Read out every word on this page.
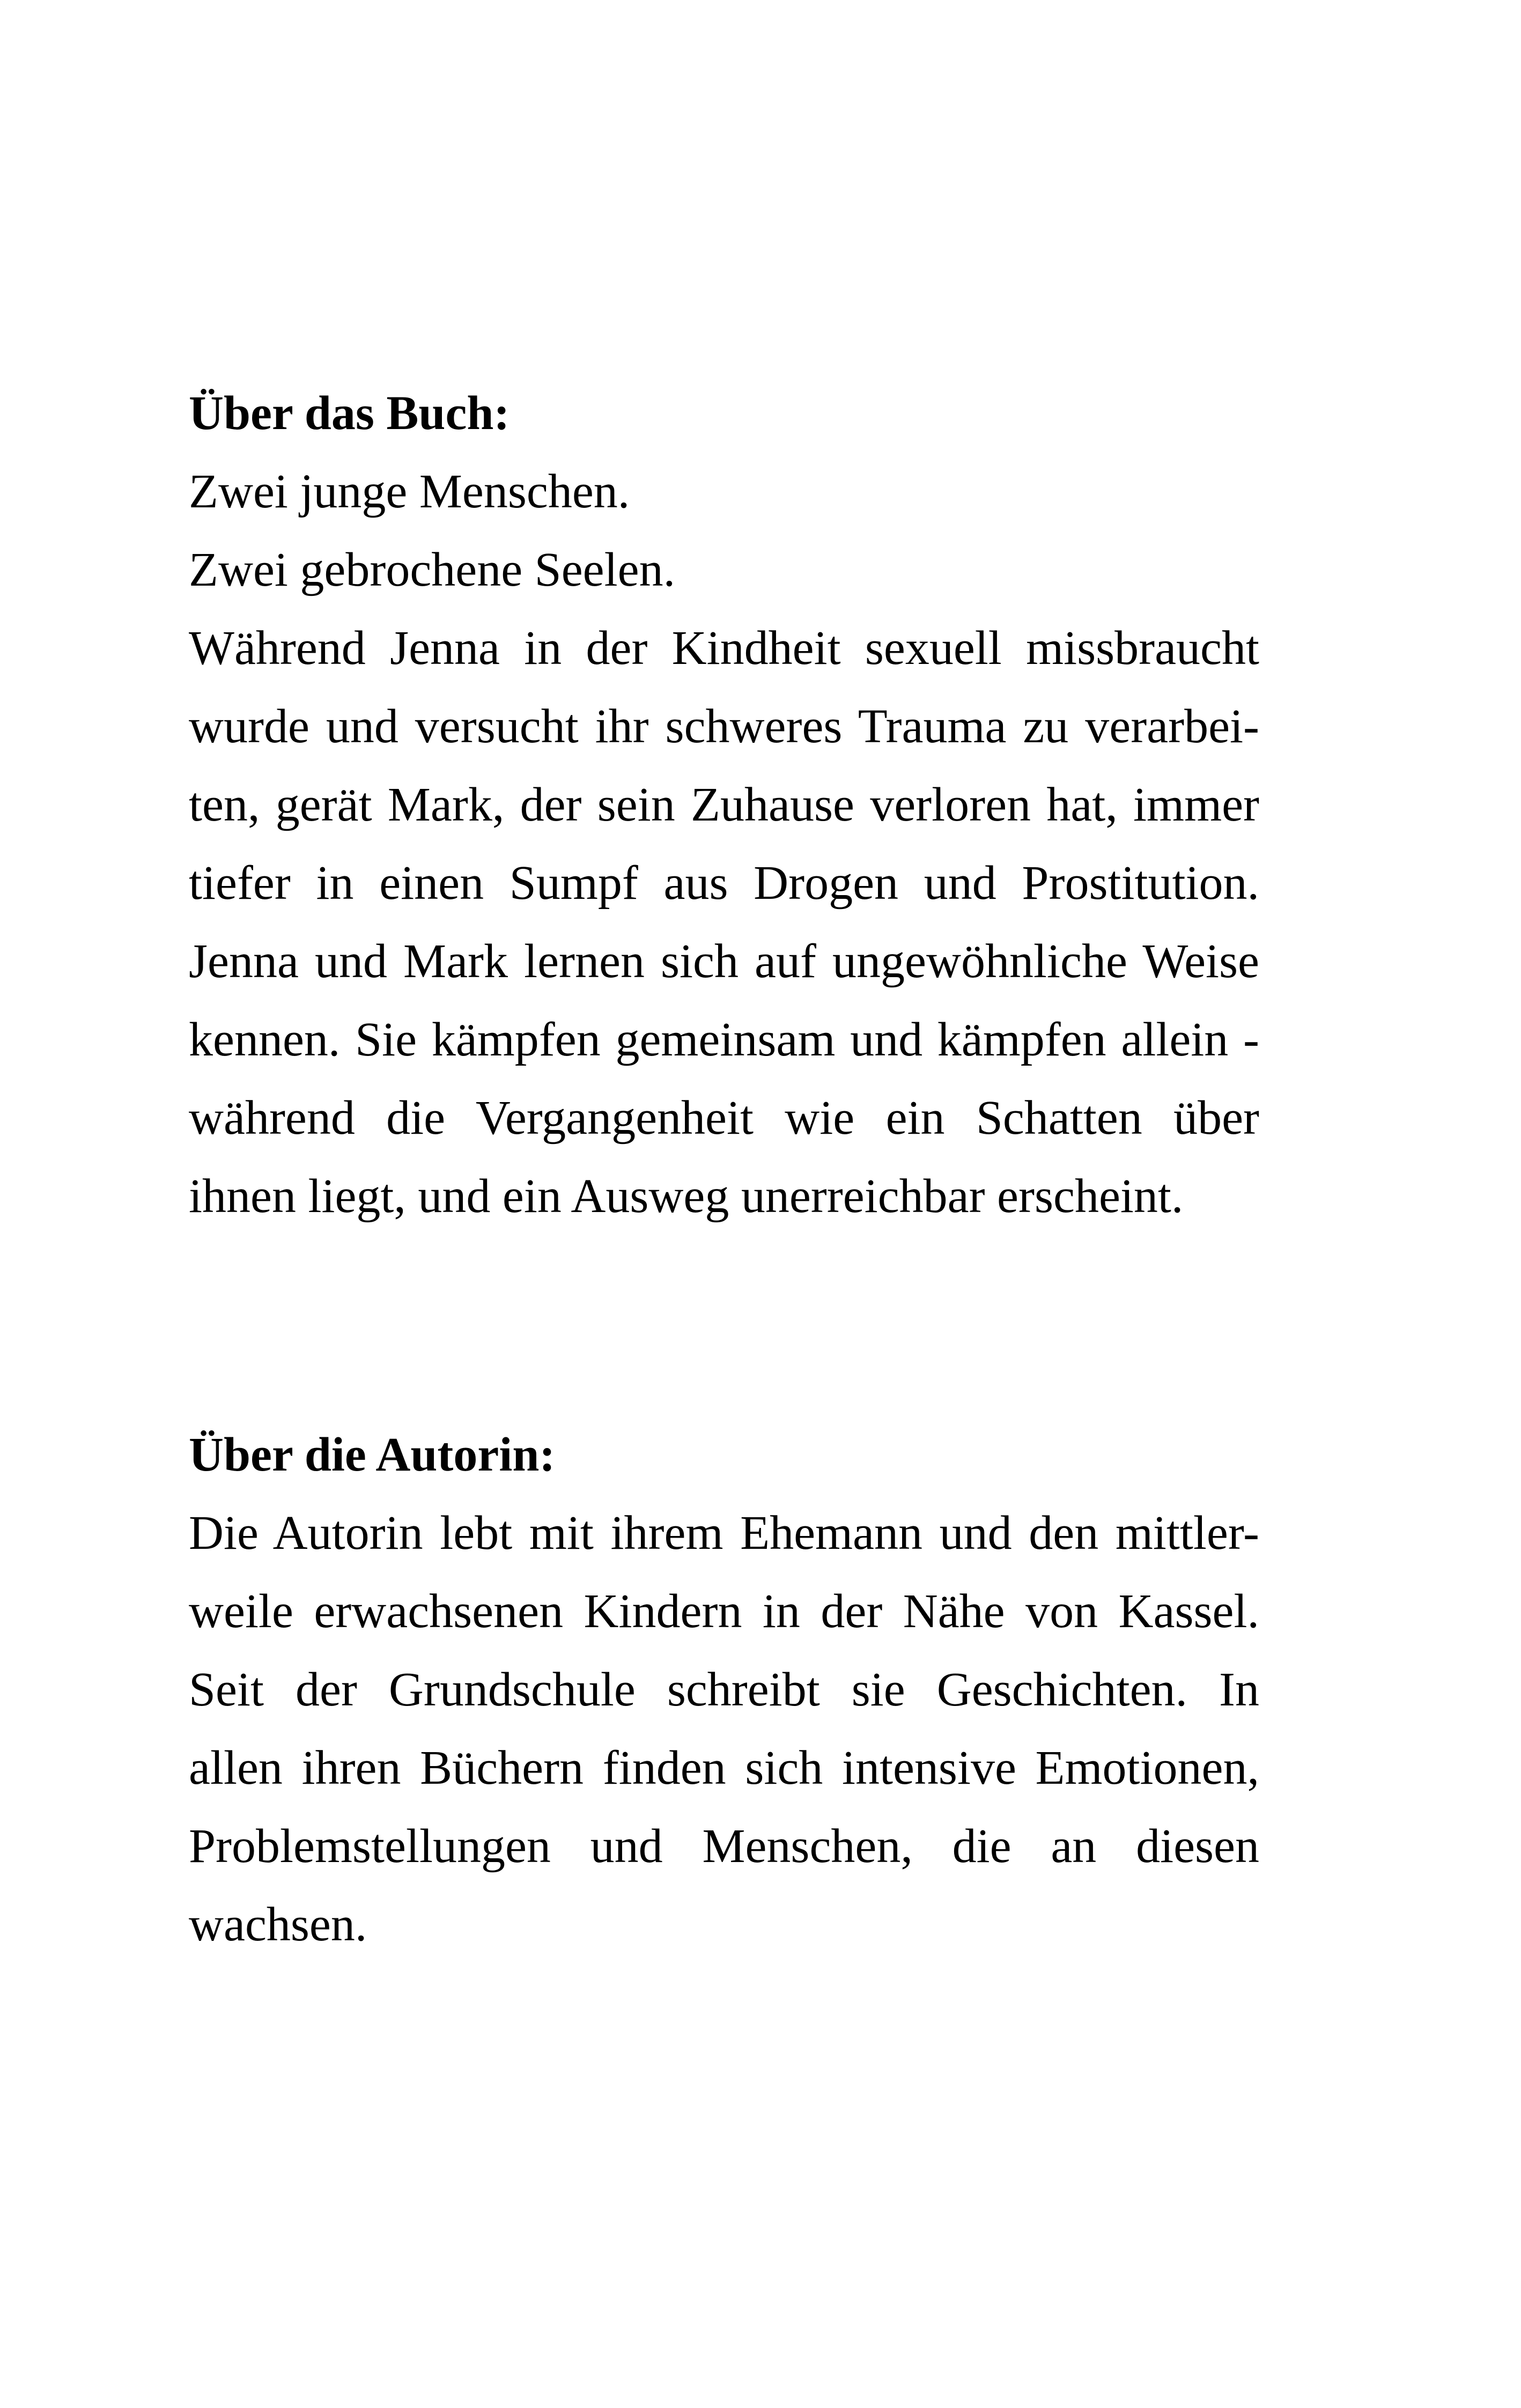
Über das Buch:

Zwei junge Menschen.

Zwei gebrochene Seelen.

Während Jenna in der Kindheit sexuell missbraucht

wurde und versucht ihr schweres Trauma zu verarbei-

ten, gerät Mark, der sein Zuhause verloren hat, immer

tiefer in einen Sumpf aus Drogen und Prostitution.

Jenna und Mark lernen sich auf ungewöhnliche Weise

kennen. Sie kämpfen gemeinsam und kämpfen allein -

während die Vergangenheit wie ein Schatten über

ihnen liegt, und ein Ausweg unerreichbar erscheint.

Über die Autorin:

Die Autorin lebt mit ihrem Ehemann und den mittler-

weile erwachsenen Kindern in der Nähe von Kassel.

Seit der Grundschule schreibt sie Geschichten. In

allen ihren Büchern finden sich intensive Emotionen,

Problemstellungen und Menschen, die an diesen

wachsen.
